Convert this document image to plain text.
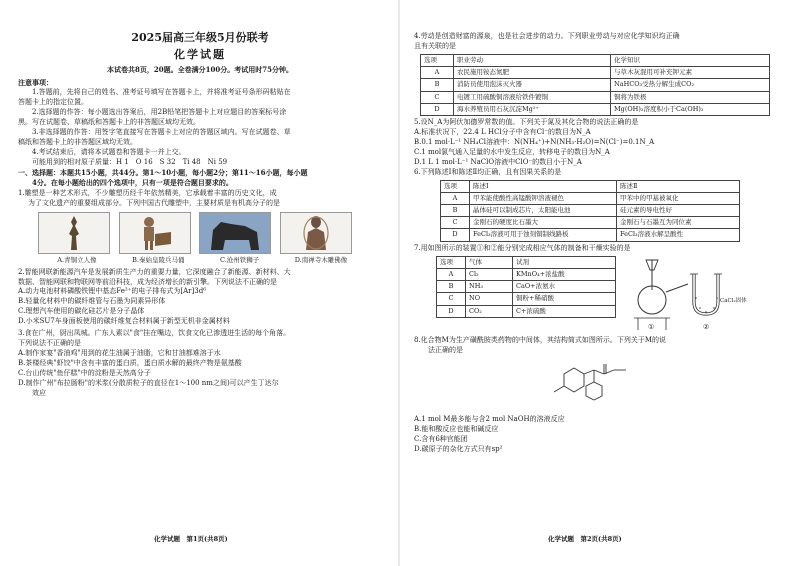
2025届高三年级5月份联考

化学试题

本试卷共8页，20题。全卷满分100分。考试用时75分钟。

注意事项：

1.答题前，先将自己的姓名、准考证号填写在答题卡上，并将准考证号条形码粘贴在

答题卡上的指定位置。

2.选择题的作答：每小题选出答案后，用2B铅笔把答题卡上对应题目的答案标号涂

黑。写在试题卷、草稿纸和答题卡上的非答题区域均无效。

3.非选择题的作答：用签字笔直接写在答题卡上对应的答题区域内。写在试题卷、草

稿纸和答题卡上的非答题区域均无效。

4.考试结束后，请将本试题卷和答题卡一并上交。

可能用到的相对原子质量：H 1　O 16　S 32　Ti 48　Ni 59

一、选择题：本题共15小题，共44分。第1～10小题，每小题2分；第11～16小题，每小题

4分。在每小题给出的四个选项中，只有一项是符合题目要求的。

1.雕塑是一种艺术形式，不少雕塑历经千年依然精美，它承载着丰富的历史文化，成

为了文化遗产的重要组成部分。下列中国古代雕塑中，主要材质是有机高分子的是

A.青铜立人像	B.秦始皇陵兵马俑	C.沧州铁狮子	D.南禅寺木雕佛像

2.智能网联新能源汽车是发展新质生产力的重要力量，它深度融合了新能源、新材料、大

数据、智能网联和物联网等前沿科技，成为经济增长的新引擎。下列说法不正确的是

A.动力电池材料磷酸铁锂中基态Fe²⁺的电子排布式为[Ar]3d⁶

B.轻量化材料中的碳纤维管与石墨为同素异形体

C.理想汽车使用的碳化硅芯片是分子晶体

D.小米SU7车身面板使用的碳纤维复合材料属于新型无机非金属材料

3.食在广州，厨出凤城。广东人素以"食"挂在嘴边，饮食文化已渗透进生活的每个角落。

下列说法不正确的是

A.制作家宴"香油鸡"用到的花生油属于油脂，它和甘油都难溶于水

B.茶楼经典"虾饺"中含有丰富的蛋白质，蛋白质水解的最终产物是氨基酸

C.台山传统"鱼仔糕"中的淀粉是天然高分子

D.制作广州"布拉肠粉"的米浆(分散质粒子的直径在1～100 nm之间)可以产生丁达尔

效应

化学试题　第1页(共8页)

4.劳动是创造财富的源泉，也是社会进步的动力。下列职业劳动与对应化学知识均正确

且有关联的是

选项	职业劳动	化学知识
A	农民施用铵态氮肥	与草木灰混用可补充钾元素
B	消防员使用泡沫灭火器	NaHCO₃受热分解生成CO₂
C	电镀工用硫酸铜溶液给铁件镀铜	铜将为铁极
D	海水养殖员用石灰沉淀Mg²⁺	Mg(OH)₂溶度积小于Ca(OH)₂

5.设N_A为阿伏加德罗常数的值。下列关于氮及其化合物的说法正确的是

A.标准状况下，22.4 L HCl分子中含有Cl⁻的数目为N_A

B.0.1 mol·L⁻¹ NH₄Cl溶液中：N(NH₄⁺)+N(NH₃·H₂O)=N(Cl⁻)=0.1N_A

C.1 mol氯气通入足量的水中发生反应，转移电子的数目为N_A

D.1 L 1 mol·L⁻¹ NaClO溶液中ClO⁻的数目小于N_A

6.下列陈述Ⅰ和陈述Ⅱ均正确，且有因果关系的是

选项	陈述Ⅰ	陈述Ⅱ
A	甲苯能使酸性高锰酸钾溶液褪色	甲苯中的甲基被氧化
B	晶体硅可以制成芯片，太阳能电池	硅元素的导电性好
C	金刚石的硬度比石墨大	金刚石与石墨互为同位素
D	FeCl₃溶液可用于蚀刻铜制线路板	FeCl₃溶液水解呈酸性

7.用如图所示的装置①和②能分别完成相应气体的制备和干燥实验的是

选项	气体	试剂
A	Cl₂	KMnO₄+浓盐酸
B	NH₃	CaO+浓氨水
C	NO	铜粉+稀硝酸
D	CO₂	C+浓硫酸
①
CaCl₂固体
②

8.化合物M为生产磺酰胺类药物的中间体，其结构简式如图所示。下列关于M的说

法正确的是

A.1 mol M最多能与含2 mol NaOH的溶液反应

B.能和酸反应也能和碱反应

C.含有6种官能团

D.碳原子的杂化方式只有sp²

化学试题　第2页(共8页)
